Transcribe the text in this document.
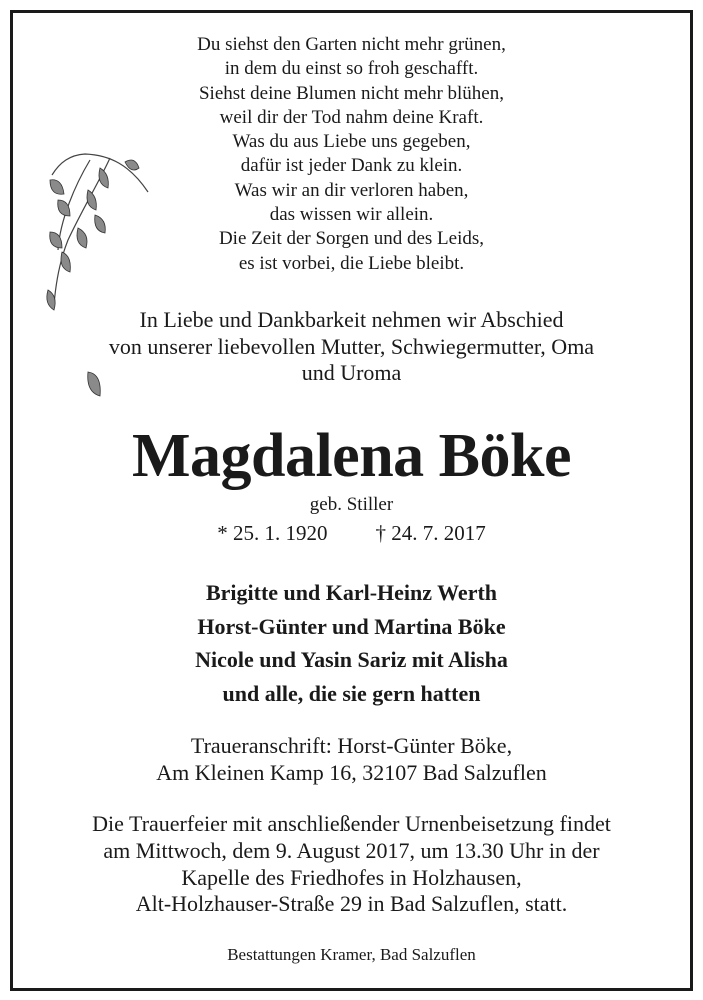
Du siehst den Garten nicht mehr grünen,
in dem du einst so froh geschafft.
Siehst deine Blumen nicht mehr blühen,
weil dir der Tod nahm deine Kraft.
Was du aus Liebe uns gegeben,
dafür ist jeder Dank zu klein.
Was wir an dir verloren haben,
das wissen wir allein.
Die Zeit der Sorgen und des Leids,
es ist vorbei, die Liebe bleibt.
In Liebe und Dankbarkeit nehmen wir Abschied
von unserer liebevollen Mutter, Schwiegermutter, Oma
und Uroma
Magdalena Böke
geb. Stiller
* 25. 1. 1920 † 24. 7. 2017
Brigitte und Karl-Heinz Werth
Horst-Günter und Martina Böke
Nicole und Yasin Sariz mit Alisha
und alle, die sie gern hatten
Traueranschrift: Horst-Günter Böke,
Am Kleinen Kamp 16, 32107 Bad Salzuflen
Die Trauerfeier mit anschließender Urnenbeisetzung findet
am Mittwoch, dem 9. August 2017, um 13.30 Uhr in der
Kapelle des Friedhofes in Holzhausen,
Alt-Holzhauser-Straße 29 in Bad Salzuflen, statt.
Bestattungen Kramer, Bad Salzuflen
